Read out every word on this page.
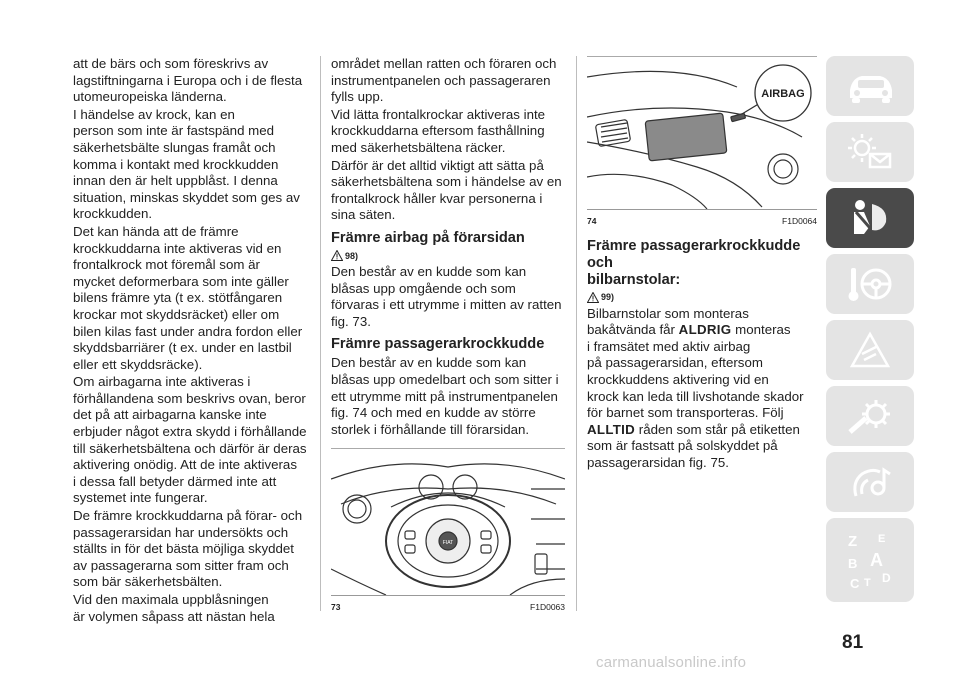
att de bärs och som föreskrivs av
lagstiftningarna i Europa och i de flesta
utomeuropeiska länderna.

I händelse av krock, kan en
person som inte är fastspänd med
säkerhetsbälte slungas framåt och
komma i kontakt med krockkudden
innan den är helt uppblåst. I denna
situation, minskas skyddet som ges av
krockkudden.

Det kan hända att de främre
krockkuddarna inte aktiveras vid en
frontalkrock mot föremål som är
mycket deformerbara som inte gäller
bilens främre yta (t ex. stötfångaren
krockar mot skyddsräcket) eller om
bilen kilas fast under andra fordon eller
skyddsbarriärer (t ex. under en lastbil
eller ett skyddsräcke).

Om airbagarna inte aktiveras i
förhållandena som beskrivs ovan, beror
det på att airbagarna kanske inte
erbjuder något extra skydd i förhållande
till säkerhetsbältena och därför är deras
aktivering onödig. Att de inte aktiveras
i dessa fall betyder därmed inte att
systemet inte fungerar.

De främre krockkuddarna på förar- och
passagerarsidan har undersökts och
ställts in för det bästa möjliga skyddet
av passagerarna som sitter fram och
som bär säkerhetsbälten.

Vid den maximala uppblåsningen
är volymen såpass att nästan hela

området mellan ratten och föraren och
instrumentpanelen och passageraren
fylls upp.

Vid lätta frontalkrockar aktiveras inte
krockkuddarna eftersom fasthållning
med säkerhetsbältena räcker.

Därför är det alltid viktigt att sätta på
säkerhetsbältena som i händelse av en
frontalkrock håller kvar personerna i
sina säten.

Främre airbag på förarsidan
98)

Den består av en kudde som kan
blåsas upp omgående och som
förvaras i ett utrymme i mitten av ratten
fig. 73.

Främre passagerarkrockkudde

Den består av en kudde som kan
blåsas upp omedelbart och som sitter i
ett utrymme mitt på instrumentpanelen
fig. 74 och med en kudde av större
storlek i förhållande till förarsidan.

FIAT
73	F1D0063
AIRBAG
74	F1D0064
Främre passagerarkrockkudde och
bilbarnstolar:
99)

Bilbarnstolar som monteras
bakåtvända får ALDRIG monteras
i framsätet med aktiv airbag
på passagerarsidan, eftersom
krockkuddens aktivering vid en
krock kan leda till livshotande skador
för barnet som transporteras. Följ
ALLTID råden som står på etiketten
som är fastsatt på solskyddet på
passagerarsidan fig. 75.

Z E
B A
C T D
81
carmanualsonline.info
